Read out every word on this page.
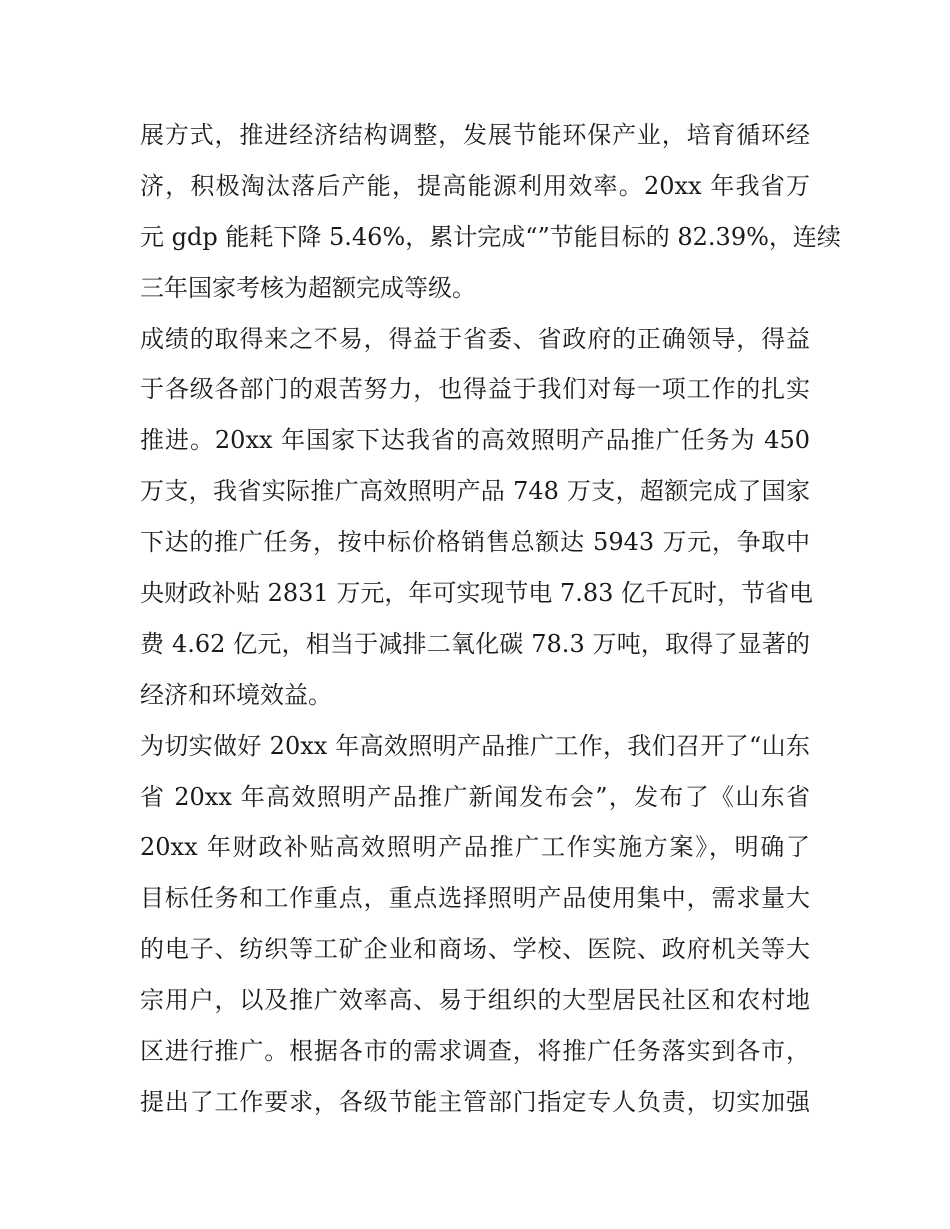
展方式，推进经济结构调整，发展节能环保产业，培育循环经
济，积极淘汰落后产能，提高能源利用效率。20xx 年我省万
元 gdp 能耗下降 5.46%，累计完成“”节能目标的 82.39%，连续
三年国家考核为超额完成等级。
成绩的取得来之不易，得益于省委、省政府的正确领导，得益
于各级各部门的艰苦努力，也得益于我们对每一项工作的扎实
推进。20xx 年国家下达我省的高效照明产品推广任务为 450
万支，我省实际推广高效照明产品 748 万支，超额完成了国家
下达的推广任务，按中标价格销售总额达 5943 万元，争取中
央财政补贴 2831 万元，年可实现节电 7.83 亿千瓦时，节省电
费 4.62 亿元，相当于减排二氧化碳 78.3 万吨，取得了显著的
经济和环境效益。
为切实做好 20xx 年高效照明产品推广工作，我们召开了“山东
省 20xx 年高效照明产品推广新闻发布会”，发布了《山东省
20xx 年财政补贴高效照明产品推广工作实施方案》，明确了
目标任务和工作重点，重点选择照明产品使用集中，需求量大
的电子、纺织等工矿企业和商场、学校、医院、政府机关等大
宗用户，以及推广效率高、易于组织的大型居民社区和农村地
区进行推广。根据各市的需求调查，将推广任务落实到各市，
提出了工作要求，各级节能主管部门指定专人负责，切实加强
